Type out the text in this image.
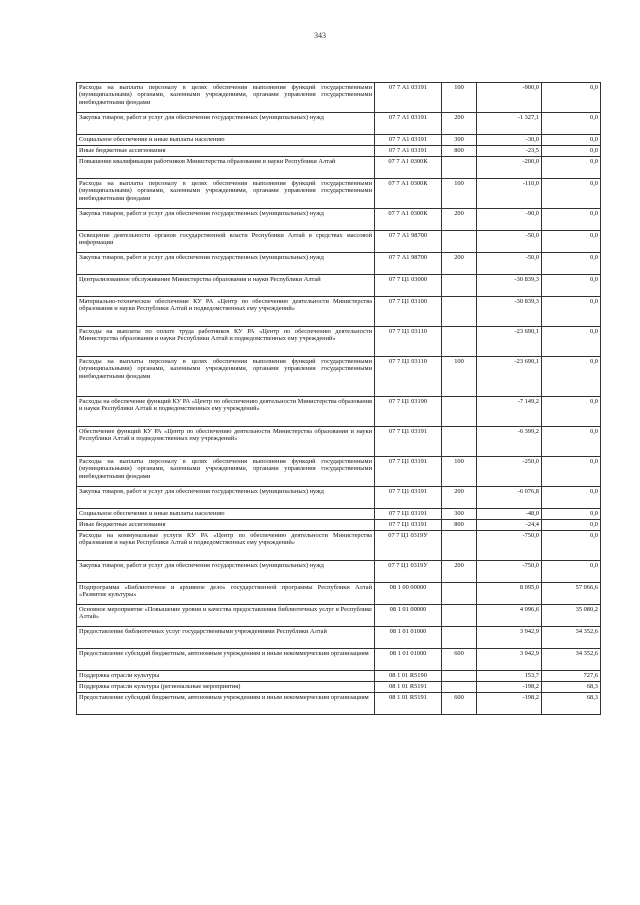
343
Расходы на выплаты персоналу в целях обеспечения выполнения функций государственными (муниципальными) органами, казенными учреждениями, органами управления государственными внебюджетными фондами	07 7 А1 03191	100	-900,0	0,0
Закупка товаров, работ и услуг для обеспечения государственных (муниципальных) нужд	07 7 А1 03191	200	-1 327,1	0,0
Социальное обеспечение и иные выплаты населению	07 7 А1 03191	300	-30,0	0,0
Иные бюджетные ассигнования	07 7 А1 03191	800	-23,5	0,0
Повышение квалификации работников Министерства образования и науки Республики Алтай	07 7 А1 0300К		-200,0	0,0
Расходы на выплаты персоналу в целях обеспечения выполнения функций государственными (муниципальными) органами, казенными учреждениями, органами управления государственными внебюджетными фондами	07 7 А1 0300К	100	-110,0	0,0
Закупка товаров, работ и услуг для обеспечения государственных (муниципальных) нужд	07 7 А1 0300К	200	-90,0	0,0
Освещение деятельности органов государственной власти Республики Алтай в средствах массовой информации	07 7 А1 98700		-50,0	0,0
Закупка товаров, работ и услуг для обеспечения государственных (муниципальных) нужд	07 7 А1 98700	200	-50,0	0,0
Централизованное обслуживание Министерства образования и науки Республики Алтай	07 7 Ц1 03000		-30 839,3	0,0
Материально-техническое обеспечение КУ РА «Центр по обеспечению деятельности Министерства образования и науки Республики Алтай и подведомственных ему учреждений»	07 7 Ц1 03100		-30 839,3	0,0
Расходы на выплаты по оплате труда работников КУ РА «Центр по обеспечению деятельности Министерства образования и науки Республики Алтай и подведомственных ему учреждений»	07 7 Ц1 03110		-23 690,1	0,0
Расходы на выплаты персоналу в целях обеспечения выполнения функций государственными (муниципальными) органами, казенными учреждениями, органами управления государственными внебюджетными фондами	07 7 Ц1 03110	100	-23 690,1	0,0
Расходы на обеспечение функций КУ РА «Центр по обеспечению деятельности Министерства образования и науки Республики Алтай и подведомственных ему учреждений»	07 7 Ц1 03190		-7 149,2	0,0
Обеспечение функций КУ РА «Центр по обеспечению деятельности Министерства образования и науки Республики Алтай и подведомственных ему учреждений»	07 7 Ц1 03191		-6 399,2	0,0
Расходы на выплаты персоналу в целях обеспечения выполнения функций государственными (муниципальными) органами, казенными учреждениями, органами управления государственными внебюджетными фондами	07 7 Ц1 03191	100	-250,0	0,0
Закупка товаров, работ и услуг для обеспечения государственных (муниципальных) нужд	07 7 Ц1 03191	200	-6 076,8	0,0
Социальное обеспечение и иные выплаты населению	07 7 Ц1 03191	300	-48,0	0,0
Иные бюджетные ассигнования	07 7 Ц1 03191	800	-24,4	0,0
Расходы на коммунальные услуги КУ РА «Центр по обеспечению деятельности Министерства образования и науки Республики Алтай и подведомственных ему учреждений»	07 7 Ц1 0319У		-750,0	0,0
Закупка товаров, работ и услуг для обеспечения государственных (муниципальных) нужд	07 7 Ц1 0319У	200	-750,0	0,0
Подпрограмма «Библиотечное и архивное дело» государственной программы Республики Алтай «Развитие культуры»	08 1 00 00000		8 095,0	57 066,6
Основное мероприятие «Повышение уровня и качества предоставления библиотечных услуг в Республике Алтай»	08 1 01 00000		4 096,6	35 080,2
Предоставление библиотечных услуг государственными учреждениями Республики Алтай	08 1 01 01000		3 942,9	34 352,6
Предоставление субсидий бюджетным, автономным учреждениям и иным некоммерческим организациям	08 1 01 01000	600	3 942,9	34 352,6
Поддержка отрасли культуры	08 1 01 R5190		153,7	727,6
Поддержка отрасли культуры (региональные мероприятия)	08 1 01 R5191		-198,2	68,3
Предоставление субсидий бюджетным, автономным учреждениям и иным некоммерческим организациям	08 1 01 R5191	600	-198,2	68,3
